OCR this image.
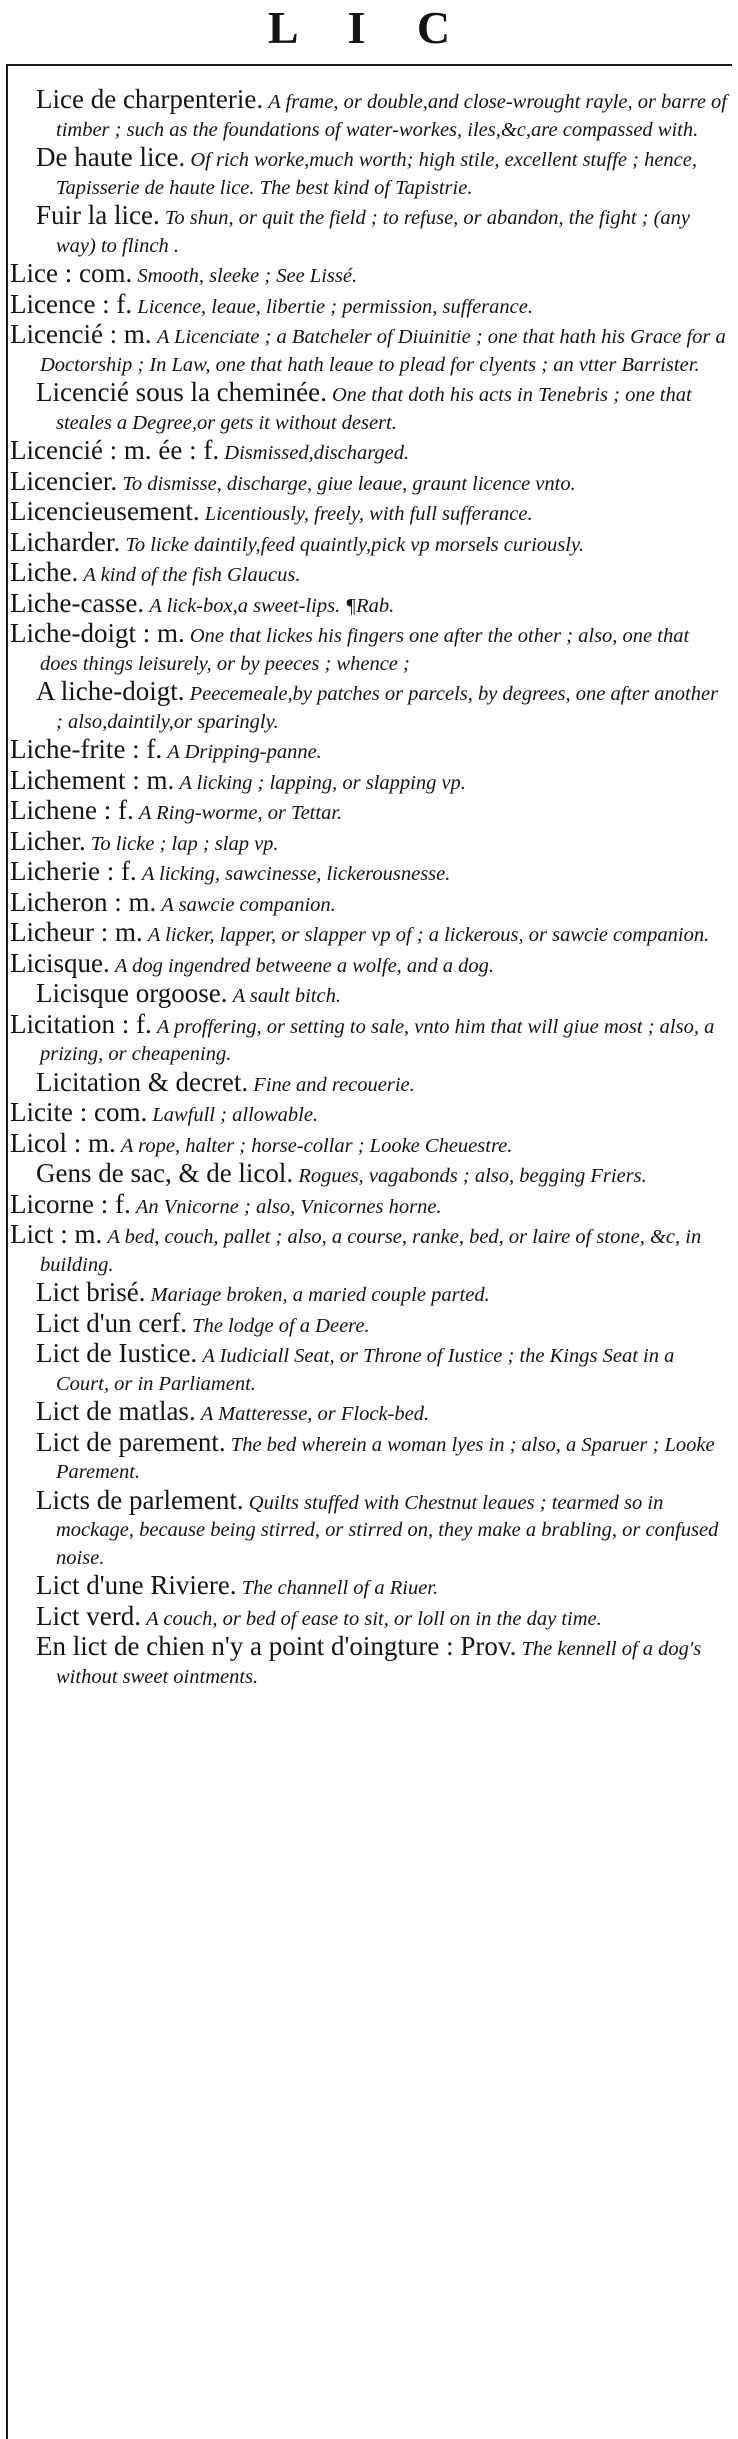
L I C

Lice de charpenterie. A frame, or double,and close-wrought rayle, or barre of timber ; such as the foundations of water-workes, iles,&c,are compassed with.

De haute lice. Of rich worke,much worth; high stile, excellent stuffe ; hence, Tapisserie de haute lice. The best kind of Tapistrie.

Fuir la lice. To shun, or quit the field ; to refuse, or abandon, the fight ; (any way) to flinch .

Lice : com. Smooth, sleeke ; See Lissé.

Licence : f. Licence, leaue, libertie ; permission, sufferance.

Licencié : m. A Licenciate ; a Batcheler of Diuinitie ; one that hath his Grace for a Doctorship ; In Law, one that hath leaue to plead for clyents ; an vtter Barrister.

Licencié sous la cheminée. One that doth his acts in Tenebris ; one that steales a Degree,or gets it without desert.

Licencié : m. ée : f. Dismissed,discharged.

Licencier. To dismisse, discharge, giue leaue, graunt licence vnto.

Licencieusement. Licentiously, freely, with full sufferance.

Licharder. To licke daintily,feed quaintly,pick vp morsels curiously.

Liche. A kind of the fish Glaucus.

Liche-casse. A lick-box,a sweet-lips. ¶Rab.

Liche-doigt : m. One that lickes his fingers one after the other ; also, one that does things leisurely, or by peeces ; whence ;

A liche-doigt. Peecemeale,by patches or parcels, by degrees, one after another ; also,daintily,or sparingly.

Liche-frite : f. A Dripping-panne.

Lichement : m. A licking ; lapping, or slapping vp.

Lichene : f. A Ring-worme, or Tettar.

Licher. To licke ; lap ; slap vp.

Licherie : f. A licking, sawcinesse, lickerousnesse.

Licheron : m. A sawcie companion.

Licheur : m. A licker, lapper, or slapper vp of ; a lickerous, or sawcie companion.

Licisque. A dog ingendred betweene a wolfe, and a dog.

Licisque orgoose. A sault bitch.

Licitation : f. A proffering, or setting to sale, vnto him that will giue most ; also, a prizing, or cheapening.

Licitation & decret. Fine and recouerie.

Licite : com. Lawfull ; allowable.

Licol : m. A rope, halter ; horse-collar ; Looke Cheuestre.

Gens de sac, & de licol. Rogues, vagabonds ; also, begging Friers.

Licorne : f. An Vnicorne ; also, Vnicornes horne.

Lict : m. A bed, couch, pallet ; also, a course, ranke, bed, or laire of stone, &c, in building.

Lict brisé. Mariage broken, a maried couple parted.

Lict d'un cerf. The lodge of a Deere.

Lict de Iustice. A Iudiciall Seat, or Throne of Iustice ; the Kings Seat in a Court, or in Parliament.

Lict de matlas. A Matteresse, or Flock-bed.

Lict de parement. The bed wherein a woman lyes in ; also, a Sparuer ; Looke Parement.

Licts de parlement. Quilts stuffed with Chestnut leaues ; tearmed so in mockage, because being stirred, or stirred on, they make a brabling, or confused noise.

Lict d'une Riviere. The channell of a Riuer.

Lict verd. A couch, or bed of ease to sit, or loll on in the day time.

En lict de chien n'y a point d'oingture : Prov. The kennell of a dog's without sweet ointments.
